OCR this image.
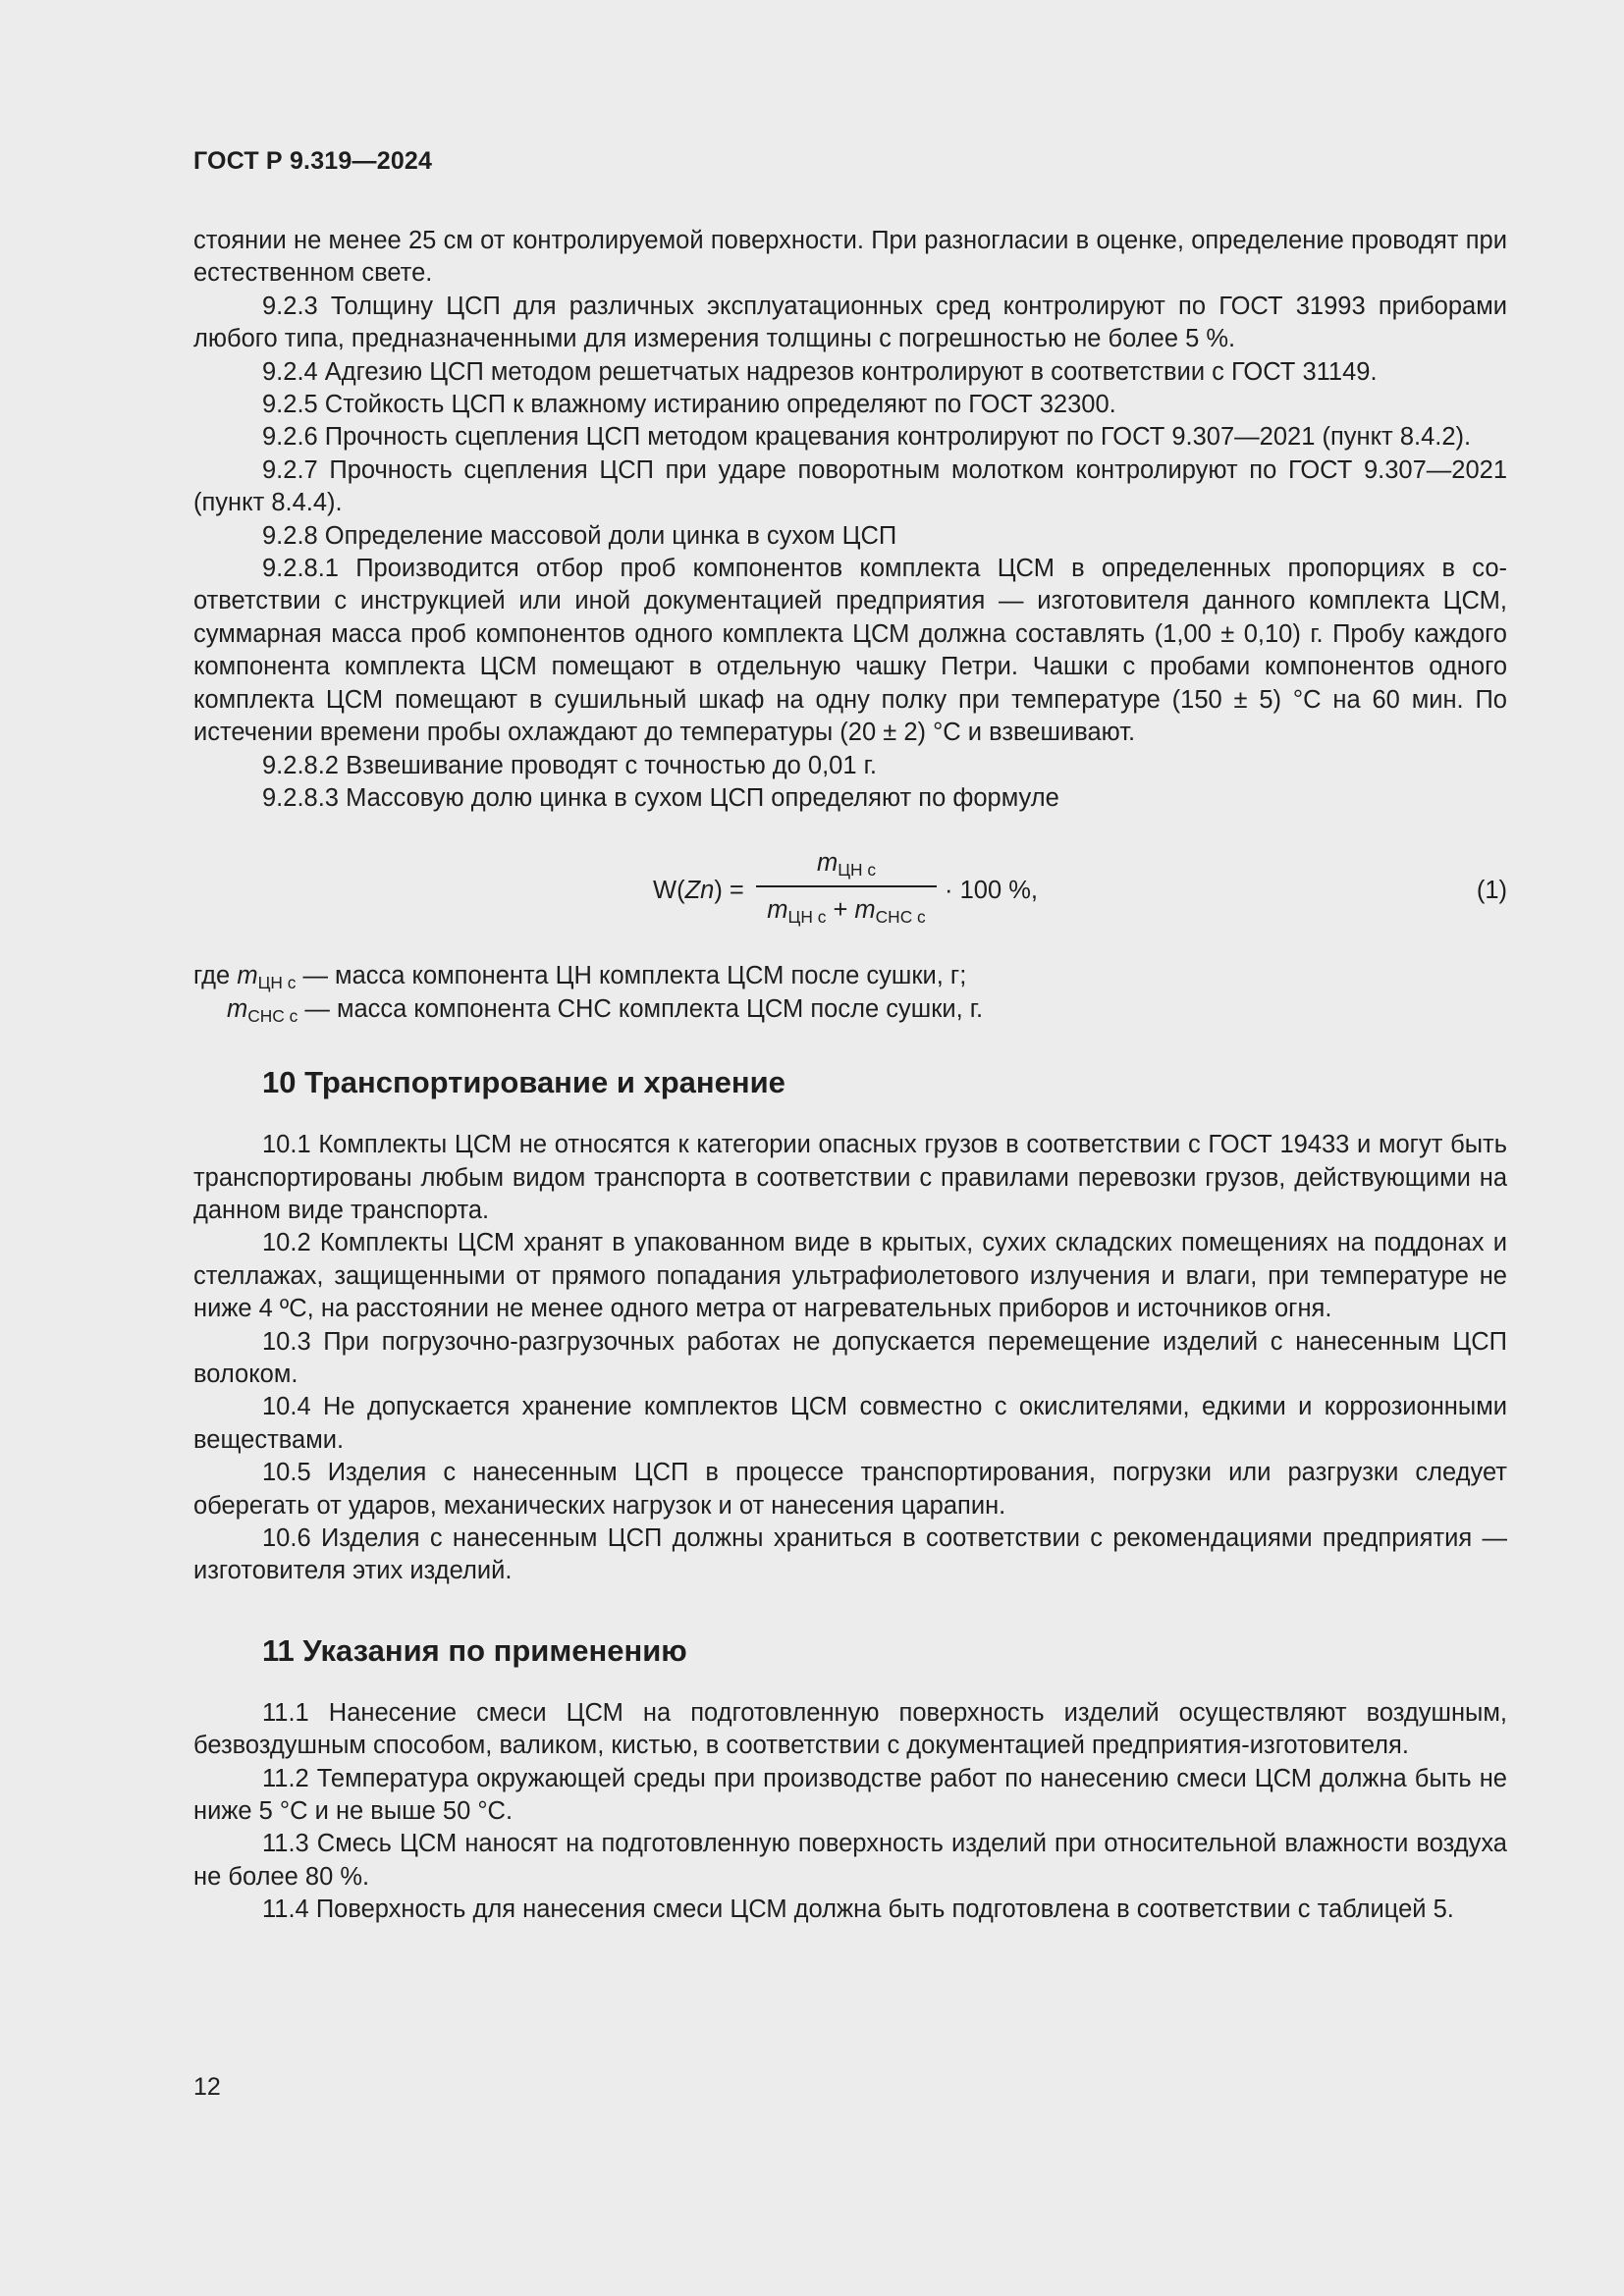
ГОСТ Р 9.319—2024

стоянии не менее 25 см от контролируемой поверхности. При разногласии в оценке, определение проводят при естественном свете.

9.2.3 Толщину ЦСП для различных эксплуатационных сред контролируют по ГОСТ 31993 приборами любого типа, предназначенными для измерения толщины с погрешностью не более 5 %.

9.2.4 Адгезию ЦСП методом решетчатых надрезов контролируют в соответствии с ГОСТ 31149.

9.2.5 Стойкость ЦСП к влажному истиранию определяют по ГОСТ 32300.

9.2.6 Прочность сцепления ЦСП методом крацевания контролируют по ГОСТ 9.307—2021 (пункт 8.4.2).

9.2.7 Прочность сцепления ЦСП при ударе поворотным молотком контролируют по ГОСТ 9.307—2021 (пункт 8.4.4).

9.2.8 Определение массовой доли цинка в сухом ЦСП

9.2.8.1 Производится отбор проб компонентов комплекта ЦСМ в определенных пропорциях в соответствии с инструкцией или иной документацией предприятия — изготовителя данного комплекта ЦСМ, суммарная масса проб компонентов одного комплекта ЦСМ должна составлять (1,00 ± 0,10) г. Пробу каждого компонента комплекта ЦСМ помещают в отдельную чашку Петри. Чашки с пробами компонентов одного комплекта ЦСМ помещают в сушильный шкаф на одну полку при температуре (150 ± 5) °С на 60 мин. По истечении времени пробы охлаждают до температуры (20 ± 2) °С и взвешивают.

9.2.8.2 Взвешивание проводят с точностью до 0,01 г.

9.2.8.3 Массовую долю цинка в сухом ЦСП определяют по формуле

W(Zn) =
$m_{ЦН с}$
$m_{ЦН с} + m_{СНС с}$
· 100 %,	(1)

где $m_{ЦН с}$ — масса компонента ЦН комплекта ЦСМ после сушки, г;

$m_{СНС с}$ — масса компонента СНС комплекта ЦСМ после сушки, г.

10 Транспортирование и хранение

10.1 Комплекты ЦСМ не относятся к категории опасных грузов в соответствии с ГОСТ 19433 и могут быть транспортированы любым видом транспорта в соответствии с правилами перевозки грузов, действующими на данном виде транспорта.

10.2 Комплекты ЦСМ хранят в упакованном виде в крытых, сухих складских помещениях на поддонах и стеллажах, защищенными от прямого попадания ультрафиолетового излучения и влаги, при температуре не ниже 4 ºС, на расстоянии не менее одного метра от нагревательных приборов и источников огня.

10.3 При погрузочно-разгрузочных работах не допускается перемещение изделий с нанесенным ЦСП волоком.

10.4 Не допускается хранение комплектов ЦСМ совместно с окислителями, едкими и коррозионными веществами.

10.5 Изделия с нанесенным ЦСП в процессе транспортирования, погрузки или разгрузки следует оберегать от ударов, механических нагрузок и от нанесения царапин.

10.6 Изделия с нанесенным ЦСП должны храниться в соответствии с рекомендациями предприятия — изготовителя этих изделий.

11 Указания по применению

11.1 Нанесение смеси ЦСМ на подготовленную поверхность изделий осуществляют воздушным, безвоздушным способом, валиком, кистью, в соответствии с документацией предприятия-изготовителя.

11.2 Температура окружающей среды при производстве работ по нанесению смеси ЦСМ должна быть не ниже 5 °С и не выше 50 °С.

11.3 Смесь ЦСМ наносят на подготовленную поверхность изделий при относительной влажности воздуха не более 80 %.

11.4 Поверхность для нанесения смеси ЦСМ должна быть подготовлена в соответствии с таблицей 5.

12
